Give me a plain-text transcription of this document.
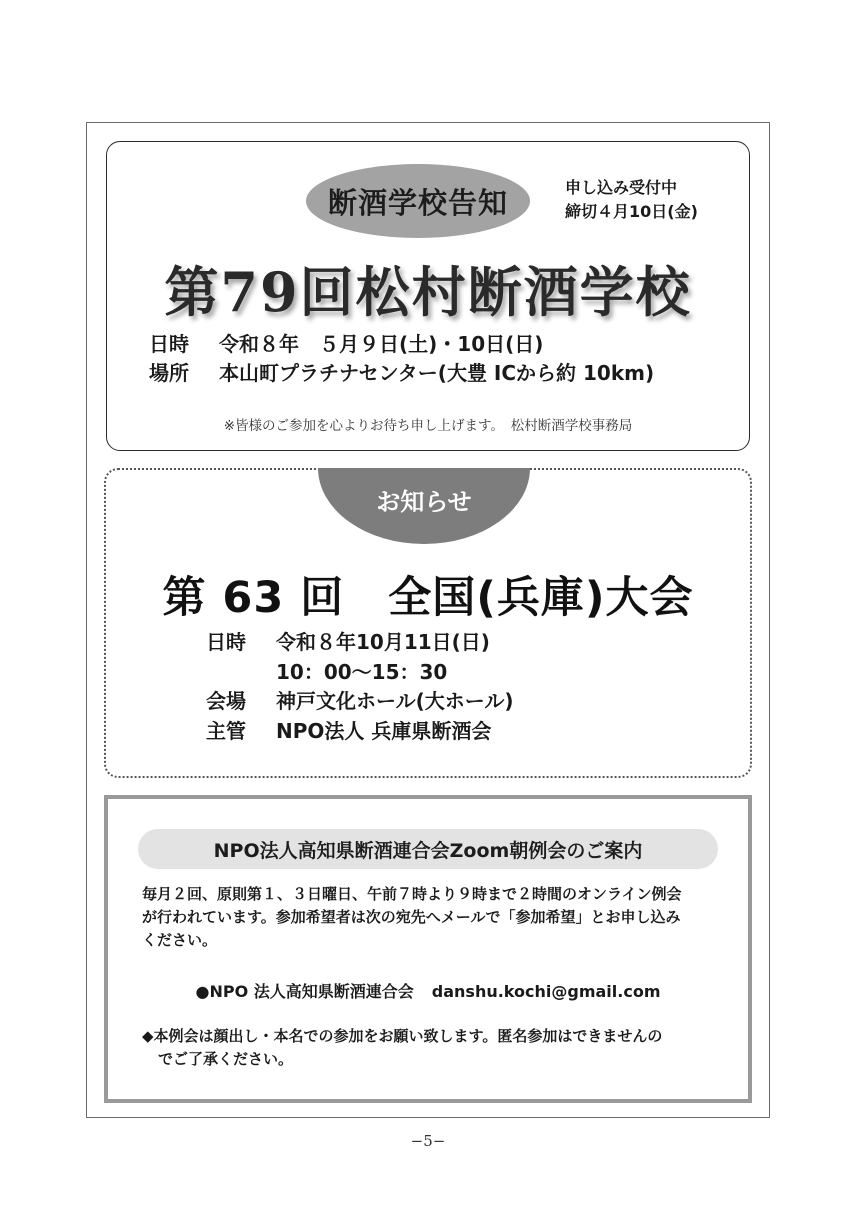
断酒学校告知	申し込み受付中
締切４月10日(金)
第79回松村断酒学校
日時	令和８年　５月９日(土)・10日(日)
場所	本山町プラチナセンター(大豊 ICから約 10km)
※皆様のご参加を心よりお待ち申し上げます。　松村断酒学校事務局
お知らせ
第 63 回　全国(兵庫)大会
日時	令和８年10月11日(日)
10：00〜15：30
会場	神戸文化ホール(大ホール)
主管	NPO法人 兵庫県断酒会
NPO法人高知県断酒連合会Zoom朝例会のご案内
毎月２回、原則第１、３日曜日、午前７時より９時まで２時間のオンライン例会
が行われています。参加希望者は次の宛先へメールで「参加希望」とお申し込み
ください。
●NPO 法人高知県断酒連合会 danshu.kochi@gmail.com
◆本例会は顔出し・本名での参加をお願い致します。匿名参加はできませんの
でご了承ください。
−5−
